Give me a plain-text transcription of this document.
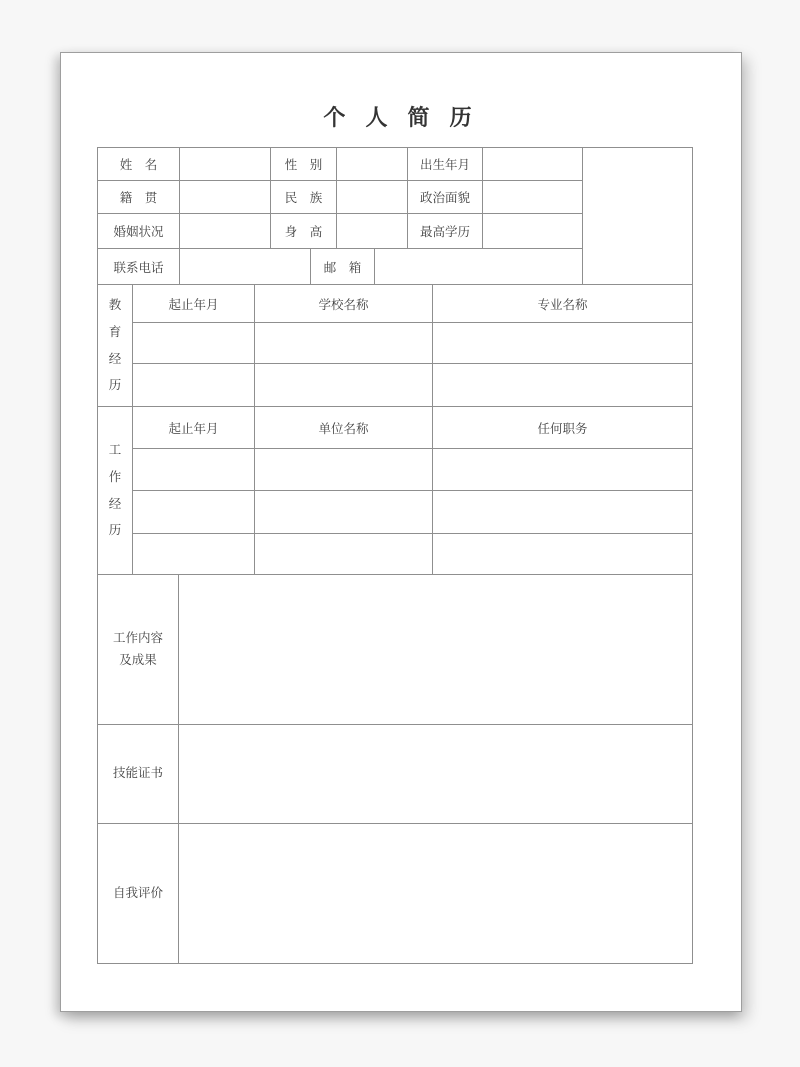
个 人 简 历
姓　名	性　别	出生年月
籍　贯	民　族	政治面貌
婚姻状况	身　高	最高学历
联系电话	邮　箱
教育经历
起止年月	学校名称	专业名称
工作经历
起止年月	单位名称	任何职务
工作内容
及成果
技能证书
自我评价
